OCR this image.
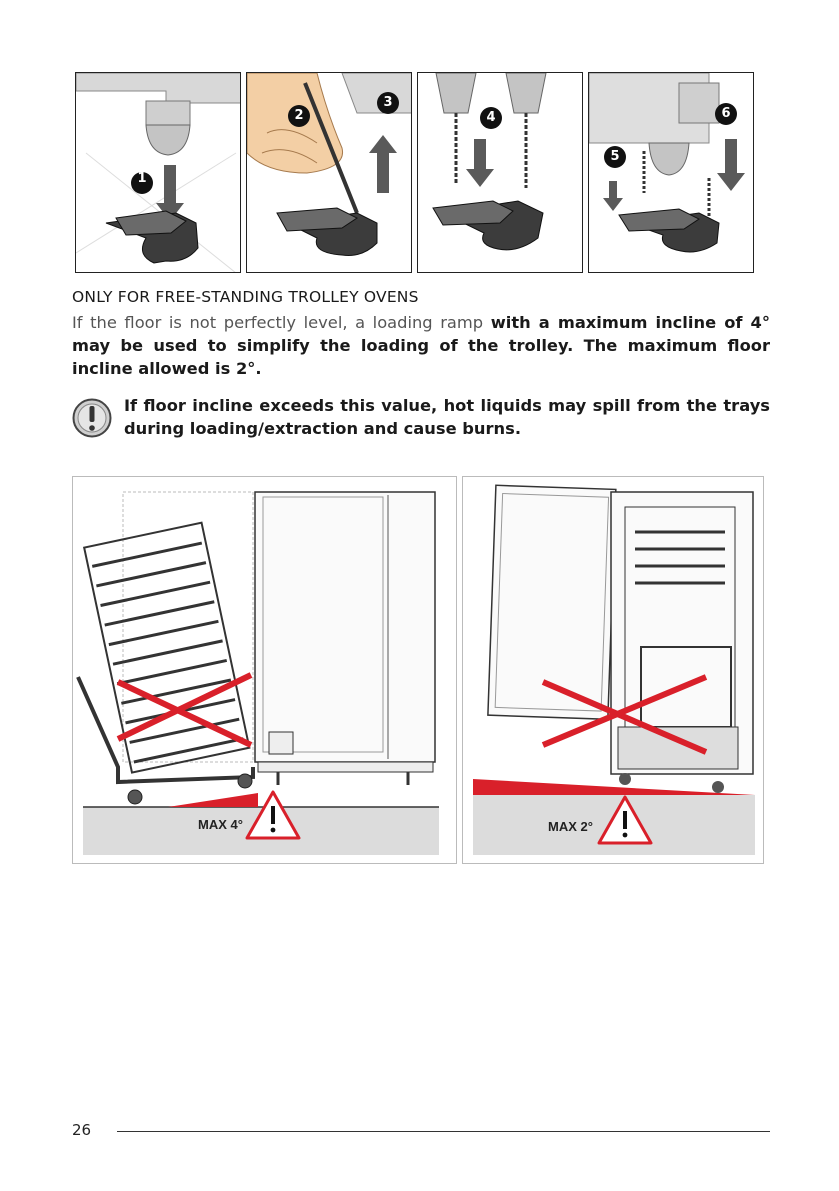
1
2
3
4
5
6
ONLY FOR FREE-STANDING TROLLEY OVENS
If the floor is not perfectly level, a loading ramp with a maximum incline of 4° may be used to simplify the loading of the trolley. The maximum floor incline allowed is 2°.
If floor incline exceeds this value, hot liquids may spill from the trays during loading/extraction and cause burns.
MAX 4°	MAX 2°
26
